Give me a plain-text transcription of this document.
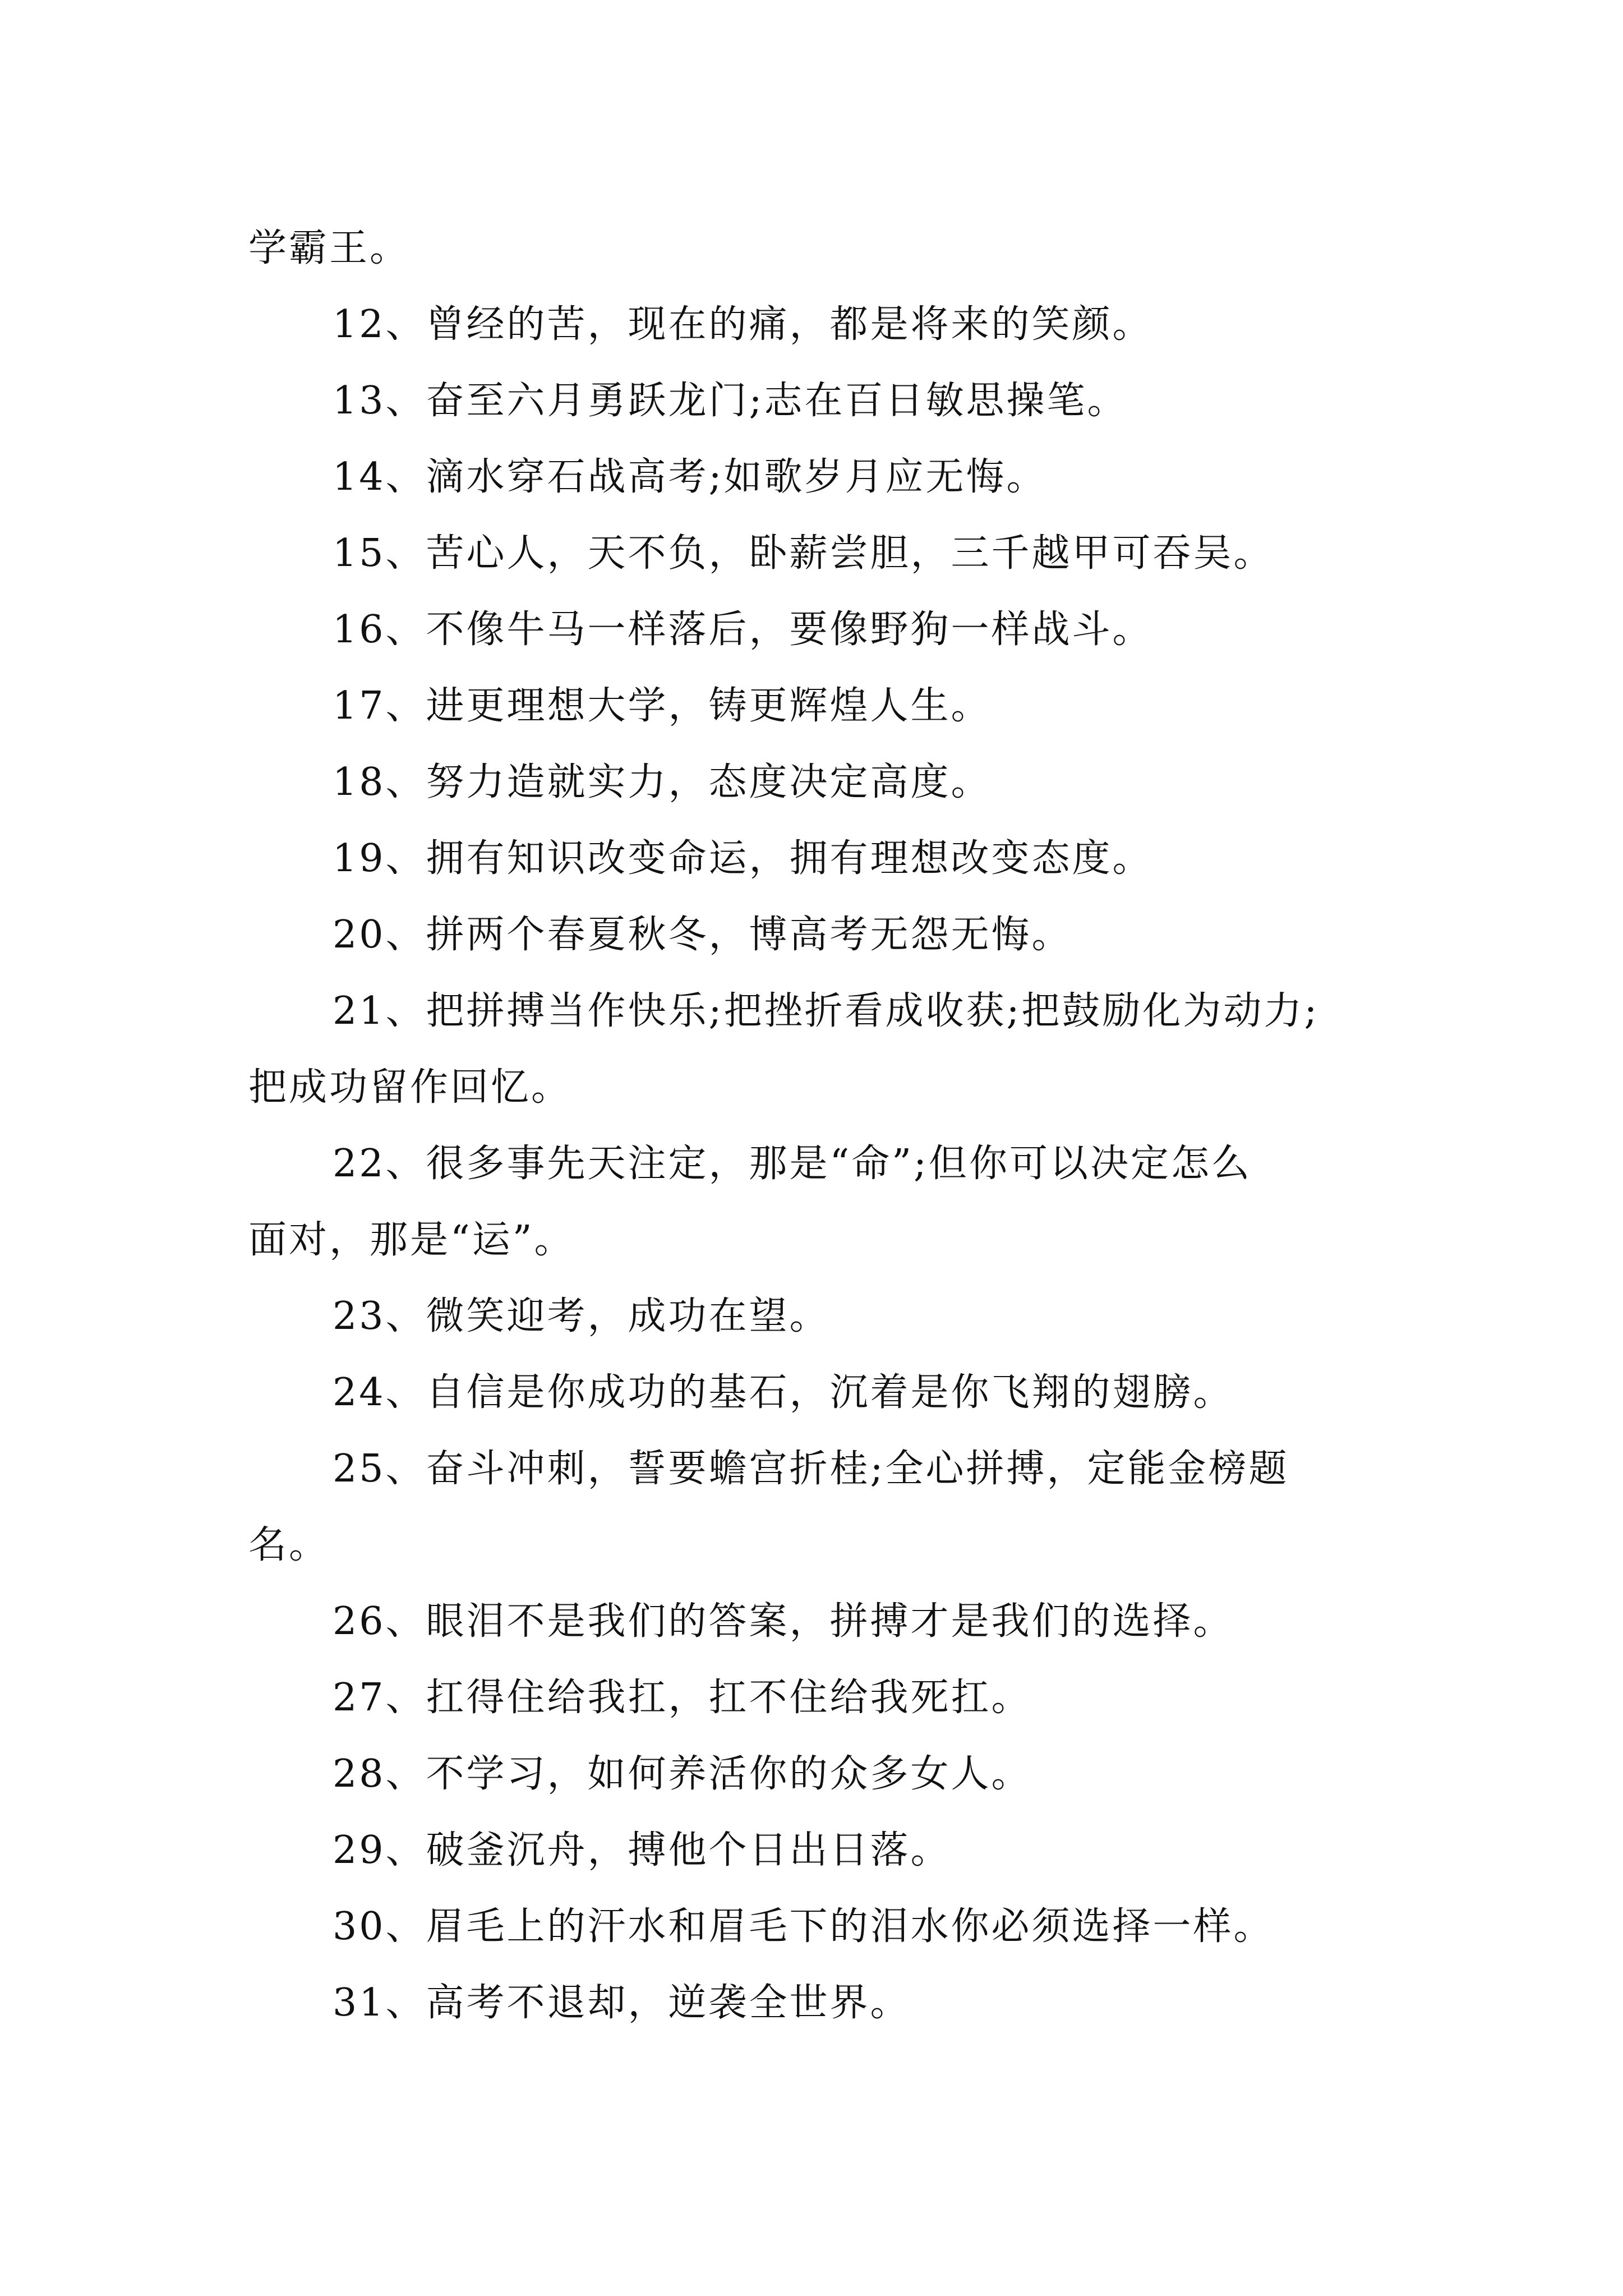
学霸王。
12、曾经的苦，现在的痛，都是将来的笑颜。
13、奋至六月勇跃龙门;志在百日敏思操笔。
14、滴水穿石战高考;如歌岁月应无悔。
15、苦心人，天不负，卧薪尝胆，三千越甲可吞吴。
16、不像牛马一样落后，要像野狗一样战斗。
17、进更理想大学，铸更辉煌人生。
18、努力造就实力，态度决定高度。
19、拥有知识改变命运，拥有理想改变态度。
20、拼两个春夏秋冬，博高考无怨无悔。
21、把拼搏当作快乐;把挫折看成收获;把鼓励化为动力;
把成功留作回忆。
22、很多事先天注定，那是“命”;但你可以决定怎么
面对，那是“运”。
23、微笑迎考，成功在望。
24、自信是你成功的基石，沉着是你飞翔的翅膀。
25、奋斗冲刺，誓要蟾宫折桂;全心拼搏，定能金榜题
名。
26、眼泪不是我们的答案，拼搏才是我们的选择。
27、扛得住给我扛，扛不住给我死扛。
28、不学习，如何养活你的众多女人。
29、破釜沉舟，搏他个日出日落。
30、眉毛上的汗水和眉毛下的泪水你必须选择一样。
31、高考不退却，逆袭全世界。
